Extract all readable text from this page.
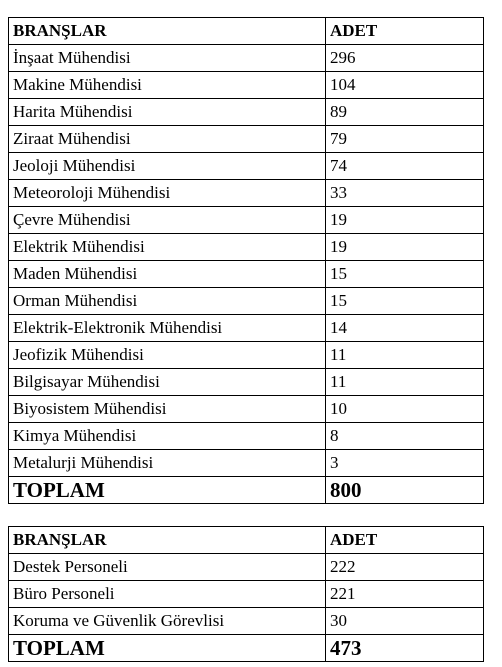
BRANŞLAR	ADET
İnşaat Mühendisi	296
Makine Mühendisi	104
Harita Mühendisi	89
Ziraat Mühendisi	79
Jeoloji Mühendisi	74
Meteoroloji Mühendisi	33
Çevre Mühendisi	19
Elektrik Mühendisi	19
Maden Mühendisi	15
Orman Mühendisi	15
Elektrik-Elektronik Mühendisi	14
Jeofizik Mühendisi	11
Bilgisayar Mühendisi	11
Biyosistem Mühendisi	10
Kimya Mühendisi	8
Metalurji Mühendisi	3
TOPLAM	800
BRANŞLAR	ADET
Destek Personeli	222
Büro Personeli	221
Koruma ve Güvenlik Görevlisi	30
TOPLAM	473
